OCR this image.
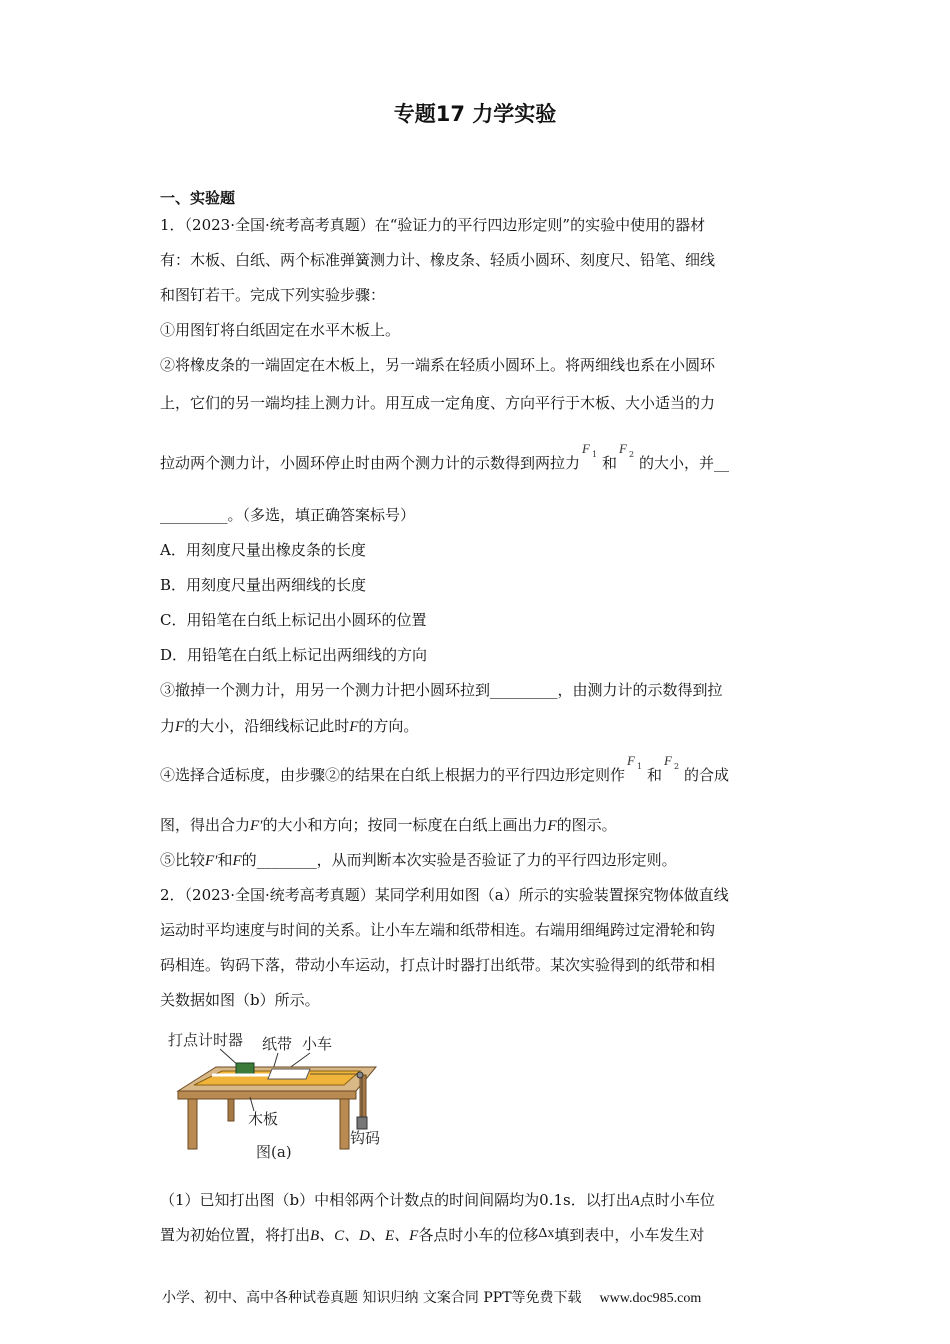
专题17 力学实验
一、实验题
1．（2023·全国·统考高考真题）在“验证力的平行四边形定则”的实验中使用的器材
有：木板、白纸、两个标准弹簧测力计、橡皮条、轻质小圆环、刻度尺、铅笔、细线
和图钉若干。完成下列实验步骤：
①用图钉将白纸固定在水平木板上。
②将橡皮条的一端固定在木板上，另一端系在轻质小圆环上。将两细线也系在小圆环
上，它们的另一端均挂上测力计。用互成一定角度、方向平行于木板、大小适当的力
拉动两个测力计，小圆环停止时由两个测力计的示数得到两拉力
F 1 和
F 2 的大小，并__
_________。（多选，填正确答案标号）
A．用刻度尺量出橡皮条的长度
B．用刻度尺量出两细线的长度
C．用铅笔在白纸上标记出小圆环的位置
D．用铅笔在白纸上标记出两细线的方向
③撤掉一个测力计，用另一个测力计把小圆环拉到_________，由测力计的示数得到拉
力F的大小，沿细线标记此时F的方向。
④选择合适标度，由步骤②的结果在白纸上根据力的平行四边形定则作
F 1 和
F 2 的合成
图，得出合力F′的大小和方向；按同一标度在白纸上画出力F的图示。
⑤比较F′和F的________，从而判断本次实验是否验证了力的平行四边形定则。
2．（2023·全国·统考高考真题）某同学利用如图（a）所示的实验装置探究物体做直线
运动时平均速度与时间的关系。让小车左端和纸带相连。右端用细绳跨过定滑轮和钩
码相连。钩码下落，带动小车运动，打点计时器打出纸带。某次实验得到的纸带和相
关数据如图（b）所示。
打点计时器 纸带 小车
木板
钩码
图(a)
（1）已知打出图（b）中相邻两个计数点的时间间隔均为0.1s．以打出A点时小车位
置为初始位置，将打出B、C、D、E、F各点时小车的位移Δx填到表中，小车发生对
小学、初中、高中各种试卷真题 知识归纳 文案合同 PPT等免费下载 www.doc985.com
